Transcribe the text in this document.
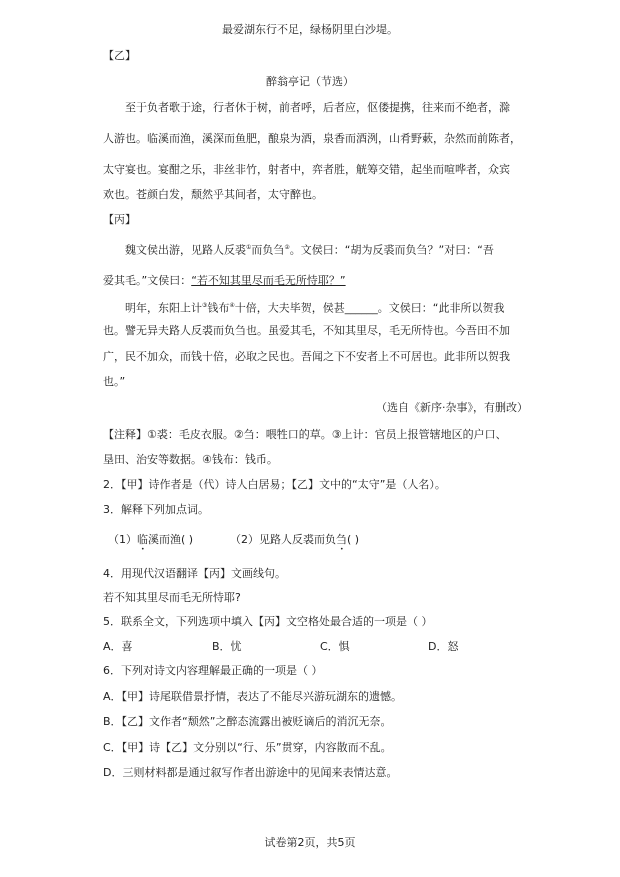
最爱湖东行不足，绿杨阴里白沙堤。
【乙】
醉翁亭记（节选）
至于负者歌于途，行者休于树，前者呼，后者应，伛偻提携，往来而不绝者，滁
人游也。临溪而渔，溪深而鱼肥，酿泉为酒，泉香而酒洌，山肴野蔌，杂然而前陈者，
太守宴也。宴酣之乐，非丝非竹，射者中，弈者胜，觥筹交错，起坐而喧哗者，众宾
欢也。苍颜白发，颓然乎其间者，太守醉也。
【丙】
魏文侯出游，见路人反裘①而负刍②。文侯曰：“胡为反裘而负刍？”对曰：“吾
爱其毛。”文侯曰：“若不知其里尽而毛无所恃耶？”
明年，东阳上计③钱布④十倍，大夫毕贺，侯甚______。文侯曰：“此非所以贺我
也。譬无异夫路人反裘而负刍也。虽爱其毛，不知其里尽，毛无所恃也。今吾田不加
广，民不加众，而钱十倍，必取之民也。吾闻之下不安者上不可居也。此非所以贺我
也。”
（选自《新序·杂事》，有删改）
【注释】①裘：毛皮衣服。②刍：喂牲口的草。③上计：官员上报管辖地区的户口、
垦田、治安等数据。④钱布：钱币。
2．【甲】诗作者是（代）诗人白居易；【乙】文中的“太守”是（人名）。
3．解释下列加点词。
（1）临溪而渔( )	（2）见路人反裘而负刍( )
4．用现代汉语翻译【丙】文画线句。
若不知其里尽而毛无所恃耶?
5．联系全文，下列选项中填入【丙】文空格处最合适的一项是（ ）
A．喜	B．忧	C．惧	D．怒
6．下列对诗文内容理解最正确的一项是（ ）
A．【甲】诗尾联借景抒情，表达了不能尽兴游玩湖东的遗憾。
B．【乙】文作者“颓然”之醉态流露出被贬谪后的消沉无奈。
C．【甲】诗【乙】文分别以“行、乐”贯穿，内容散而不乱。
D．三则材料都是通过叙写作者出游途中的见闻来表情达意。
试卷第2页，共5页
